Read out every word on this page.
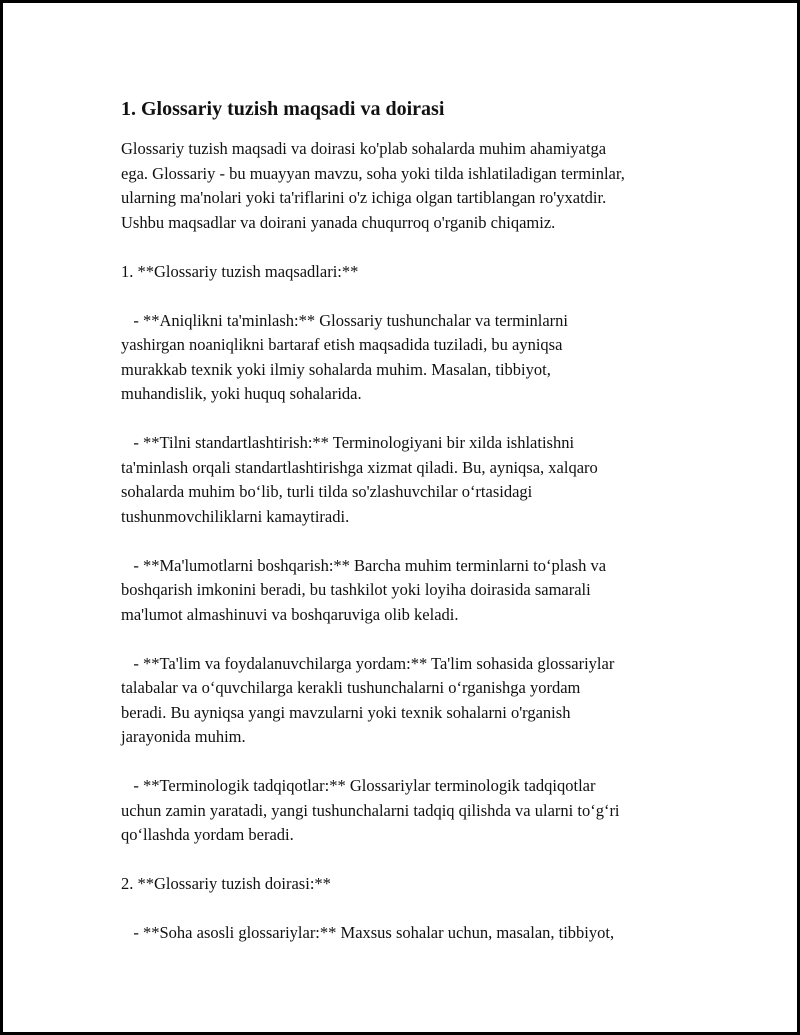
1. Glossariy tuzish maqsadi va doirasi

Glossariy tuzish maqsadi va doirasi ko'plab sohalarda muhim ahamiyatga
ega. Glossariy - bu muayyan mavzu, soha yoki tilda ishlatiladigan terminlar,
ularning ma'nolari yoki ta'riflarini o'z ichiga olgan tartiblangan ro'yxatdir.
Ushbu maqsadlar va doirani yanada chuqurroq o'rganib chiqamiz.

1. **Glossariy tuzish maqsadlari:**

- **Aniqlikni ta'minlash:** Glossariy tushunchalar va terminlarni
yashirgan noaniqlikni bartaraf etish maqsadida tuziladi, bu ayniqsa
murakkab texnik yoki ilmiy sohalarda muhim. Masalan, tibbiyot,
muhandislik, yoki huquq sohalarida.

- **Tilni standartlashtirish:** Terminologiyani bir xilda ishlatishni
ta'minlash orqali standartlashtirishga xizmat qiladi. Bu, ayniqsa, xalqaro
sohalarda muhim bo‘lib, turli tilda so'zlashuvchilar o‘rtasidagi
tushunmovchiliklarni kamaytiradi.

- **Ma'lumotlarni boshqarish:** Barcha muhim terminlarni to‘plash va
boshqarish imkonini beradi, bu tashkilot yoki loyiha doirasida samarali
ma'lumot almashinuvi va boshqaruviga olib keladi.

- **Ta'lim va foydalanuvchilarga yordam:** Ta'lim sohasida glossariylar
talabalar va o‘quvchilarga kerakli tushunchalarni o‘rganishga yordam
beradi. Bu ayniqsa yangi mavzularni yoki texnik sohalarni o'rganish
jarayonida muhim.

- **Terminologik tadqiqotlar:** Glossariylar terminologik tadqiqotlar
uchun zamin yaratadi, yangi tushunchalarni tadqiq qilishda va ularni to‘g‘ri
qo‘llashda yordam beradi.

2. **Glossariy tuzish doirasi:**

- **Soha asosli glossariylar:** Maxsus sohalar uchun, masalan, tibbiyot,
